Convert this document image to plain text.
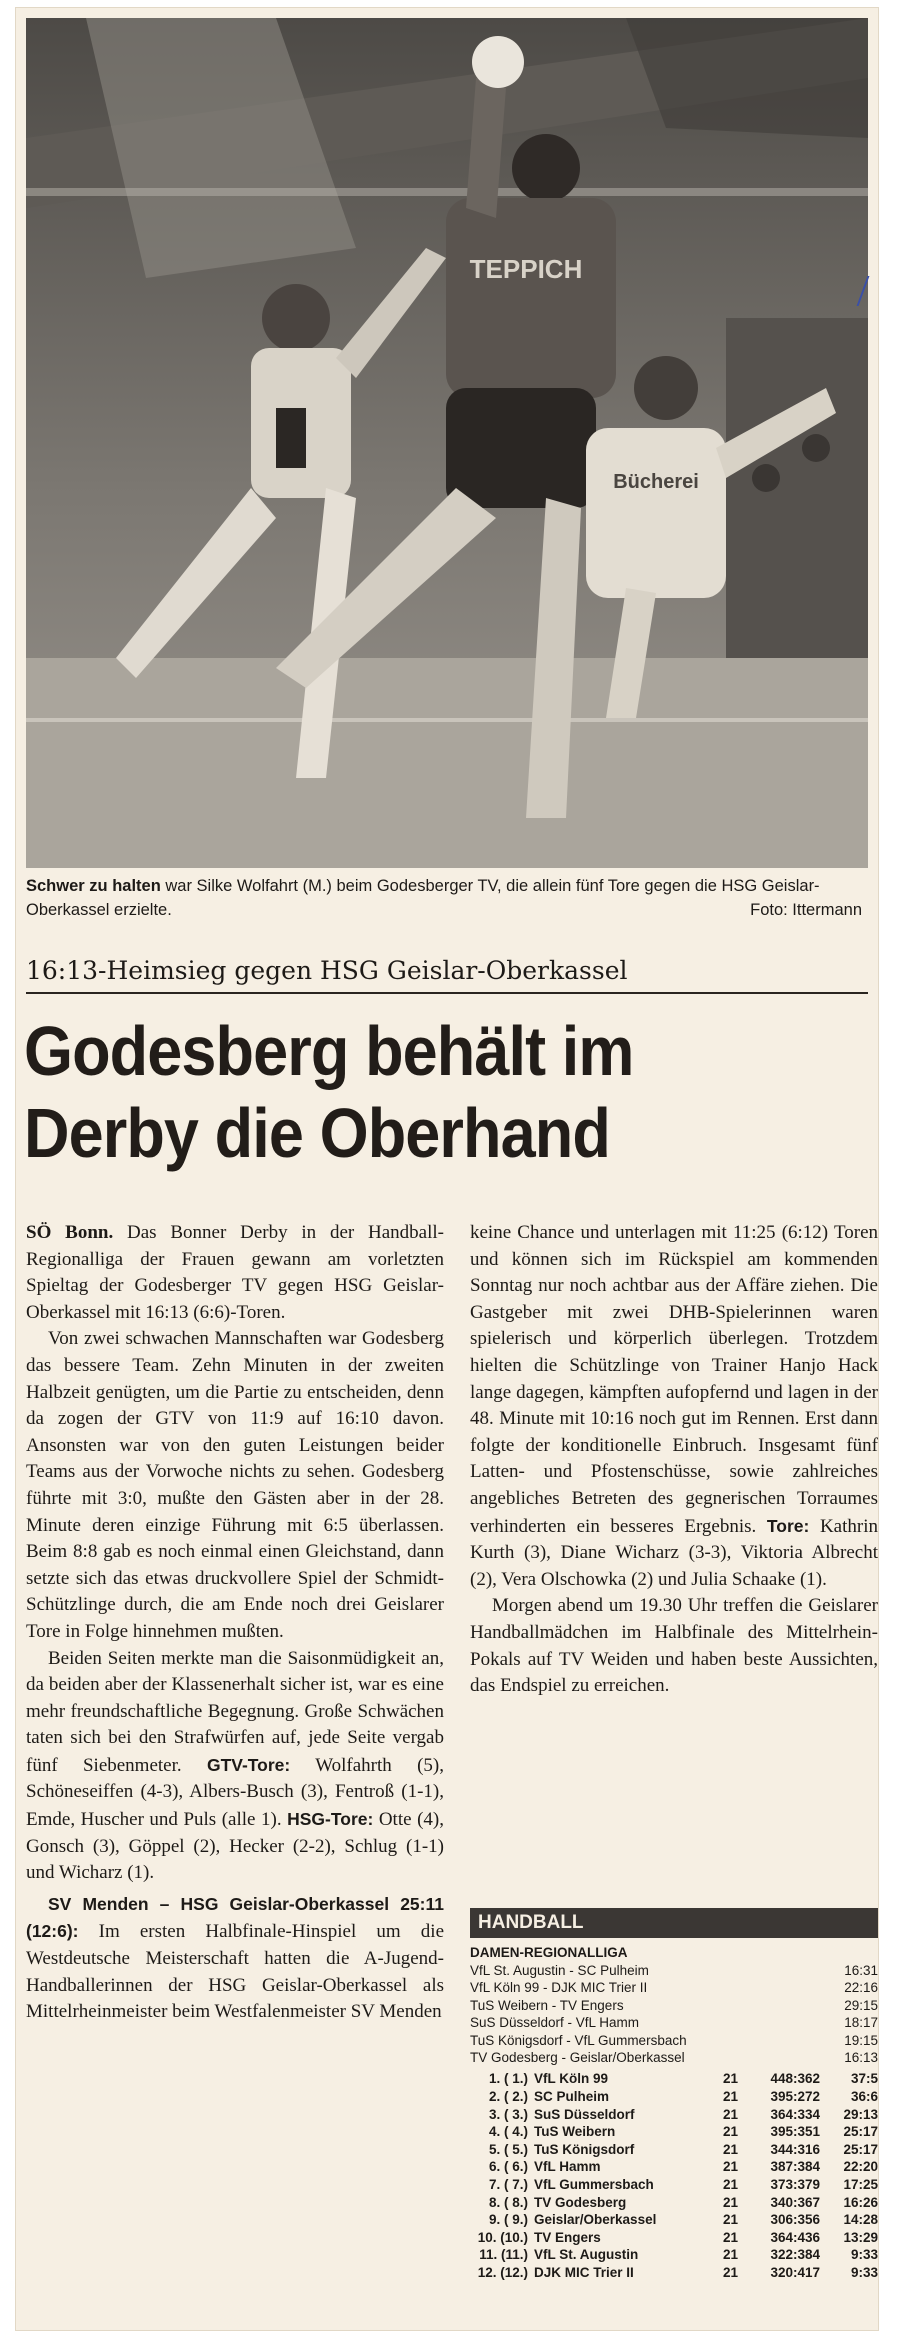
TEPPICH
Bücherei
Schwer zu halten war Silke Wolfahrt (M.) beim Godesberger TV, die allein fünf Tore gegen die HSG Geislar-Oberkassel erzielte.	Foto: Ittermann
16:13-Heimsieg gegen HSG Geislar-Oberkassel
Godesberg behält im
Derby die Oberhand

SÖ Bonn. Das Bonner Derby in der Handball-Regionalliga der Frauen gewann am vorletzten Spieltag der Godesberger TV gegen HSG Geislar-Oberkassel mit 16:13 (6:6)-Toren.

Von zwei schwachen Mannschaften war Godesberg das bessere Team. Zehn Minuten in der zweiten Halbzeit genügten, um die Partie zu entscheiden, denn da zogen der GTV von 11:9 auf 16:10 davon. Ansonsten war von den guten Leistungen beider Teams aus der Vorwoche nichts zu sehen. Godesberg führte mit 3:0, mußte den Gästen aber in der 28. Minute deren einzige Führung mit 6:5 überlassen. Beim 8:8 gab es noch einmal einen Gleichstand, dann setzte sich das etwas druckvollere Spiel der Schmidt-Schützlinge durch, die am Ende noch drei Geislarer Tore in Folge hinnehmen mußten.

Beiden Seiten merkte man die Saisonmüdigkeit an, da beiden aber der Klassenerhalt sicher ist, war es eine mehr freundschaftliche Begegnung. Große Schwächen taten sich bei den Strafwürfen auf, jede Seite vergab fünf Siebenmeter. GTV-Tore: Wolfahrth (5), Schöneseiffen (4-3), Albers-Busch (3), Fentroß (1-1), Emde, Huscher und Puls (alle 1). HSG-Tore: Otte (4), Gonsch (3), Göppel (2), Hecker (2-2), Schlug (1-1) und Wicharz (1).

SV Menden – HSG Geislar-Oberkassel 25:11 (12:6): Im ersten Halbfinale-Hinspiel um die Westdeutsche Meisterschaft hatten die A-Jugend-Handballerinnen der HSG Geislar-Oberkassel als Mittelrheinmeister beim Westfalenmeister SV Menden

keine Chance und unterlagen mit 11:25 (6:12) Toren und können sich im Rückspiel am kommenden Sonntag nur noch achtbar aus der Affäre ziehen. Die Gastgeber mit zwei DHB-Spielerinnen waren spielerisch und körperlich überlegen. Trotzdem hielten die Schützlinge von Trainer Hanjo Hack lange dagegen, kämpften aufopfernd und lagen in der 48. Minute mit 10:16 noch gut im Rennen. Erst dann folgte der konditionelle Einbruch. Insgesamt fünf Latten- und Pfostenschüsse, sowie zahlreiches angebliches Betreten des gegnerischen Torraumes verhinderten ein besseres Ergebnis. Tore: Kathrin Kurth (3), Diane Wicharz (3-3), Viktoria Albrecht (2), Vera Olschowka (2) und Julia Schaake (1).

Morgen abend um 19.30 Uhr treffen die Geislarer Handballmädchen im Halbfinale des Mittelrhein-Pokals auf TV Weiden und haben beste Aussichten, das Endspiel zu erreichen.

HANDBALL
DAMEN-REGIONALLIGA
VfL St. Augustin - SC Pulheim	16:31
VfL Köln 99 - DJK MIC Trier II	22:16
TuS Weibern - TV Engers	29:15
SuS Düsseldorf - VfL Hamm	18:17
TuS Königsdorf - VfL Gummersbach	19:15
TV Godesberg - Geislar/Oberkassel	16:13
1. ( 1.) VfL Köln 99	21	448:362	37:5
2. ( 2.) SC Pulheim	21	395:272	36:6
3. ( 3.) SuS Düsseldorf	21	364:334	29:13
4. ( 4.) TuS Weibern	21	395:351	25:17
5. ( 5.) TuS Königsdorf	21	344:316	25:17
6. ( 6.) VfL Hamm	21	387:384	22:20
7. ( 7.) VfL Gummersbach	21	373:379	17:25
8. ( 8.) TV Godesberg	21	340:367	16:26
9. ( 9.) Geislar/Oberkassel	21	306:356	14:28
10. (10.) TV Engers	21	364:436	13:29
11. (11.) VfL St. Augustin	21	322:384	9:33
12. (12.) DJK MIC Trier II	21	320:417	9:33
